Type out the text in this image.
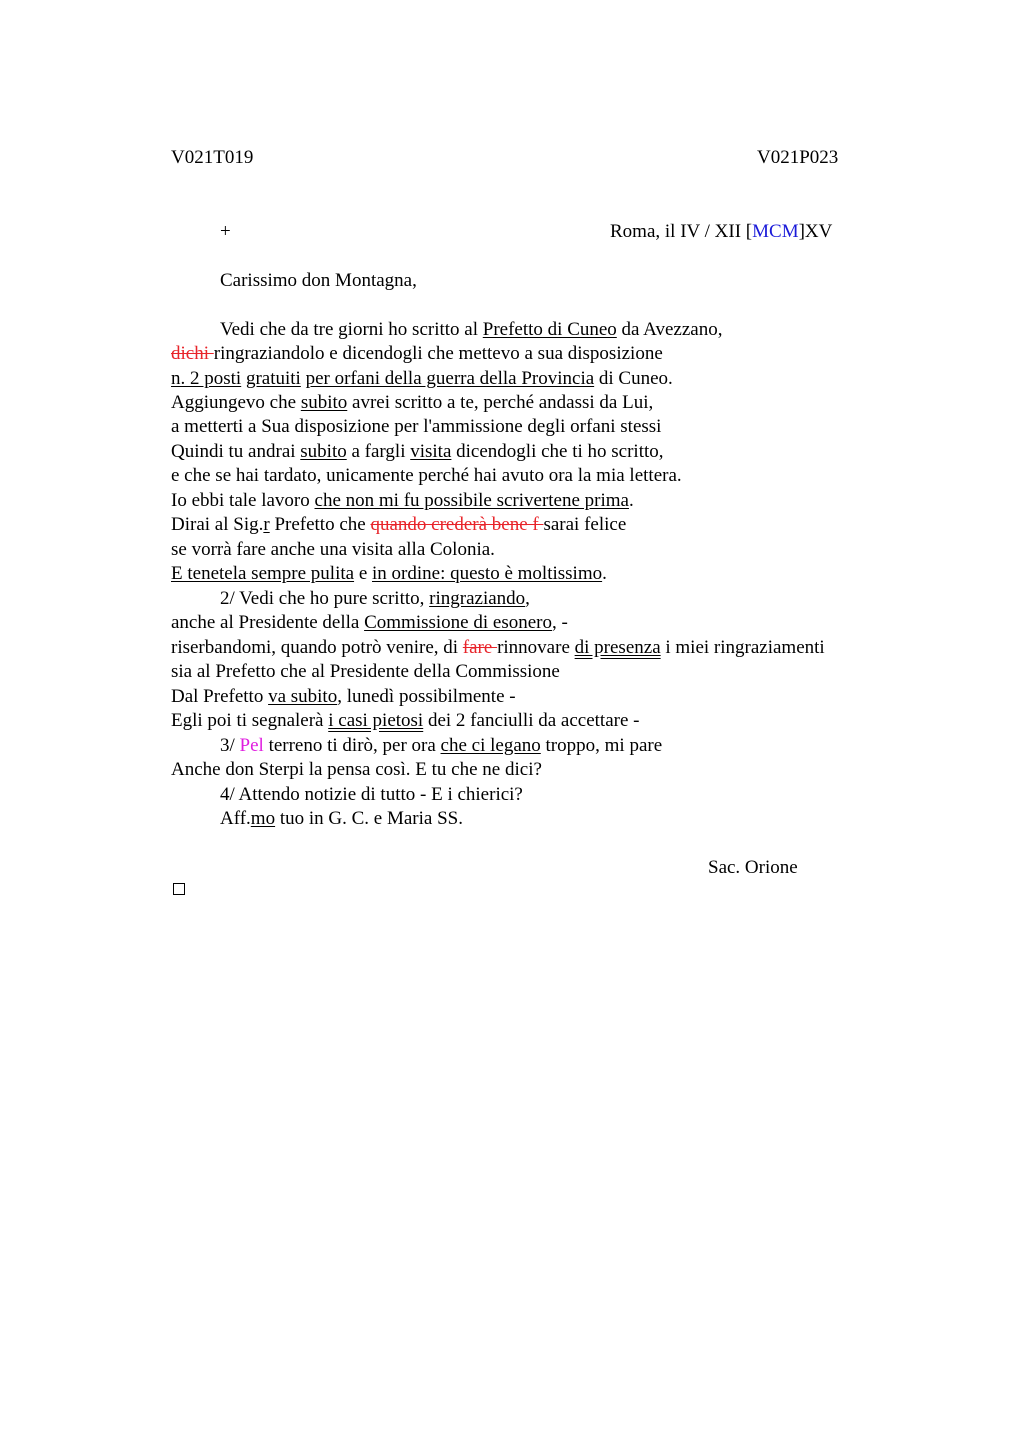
V021T019	V021P023
+	Roma, il IV / XII [MCM]XV
Carissimo don Montagna,
Vedi che da tre giorni ho scritto al Prefetto di Cuneo da Avezzano,
dichi ringraziandolo e dicendogli che mettevo a sua disposizione
n. 2 posti gratuiti per orfani della guerra della Provincia di Cuneo.
Aggiungevo che subito avrei scritto a te, perché andassi da Lui,
a metterti a Sua disposizione per l'ammissione degli orfani stessi
Quindi tu andrai subito a fargli visita dicendogli che ti ho scritto,
e che se hai tardato, unicamente perché hai avuto ora la mia lettera.
Io ebbi tale lavoro che non mi fu possibile scrivertene prima.
Dirai al Sig.r Prefetto che quando crederà bene f sarai felice
se vorrà fare anche una visita alla Colonia.
E tenetela sempre pulita e in ordine: questo è moltissimo.
2/ Vedi che ho pure scritto, ringraziando,
anche al Presidente della Commissione di esonero, -
riserbandomi, quando potrò venire, di fare rinnovare di presenza i miei ringraziamenti
sia al Prefetto che al Presidente della Commissione
Dal Prefetto va subito, lunedì possibilmente -
Egli poi ti segnalerà i casi pietosi dei 2 fanciulli da accettare -
3/ Pel terreno ti dirò, per ora che ci legano troppo, mi pare
Anche don Sterpi la pensa così. E tu che ne dici?
4/ Attendo notizie di tutto - E i chierici?
Aff.mo tuo in G. C. e Maria SS.
Sac. Orione
